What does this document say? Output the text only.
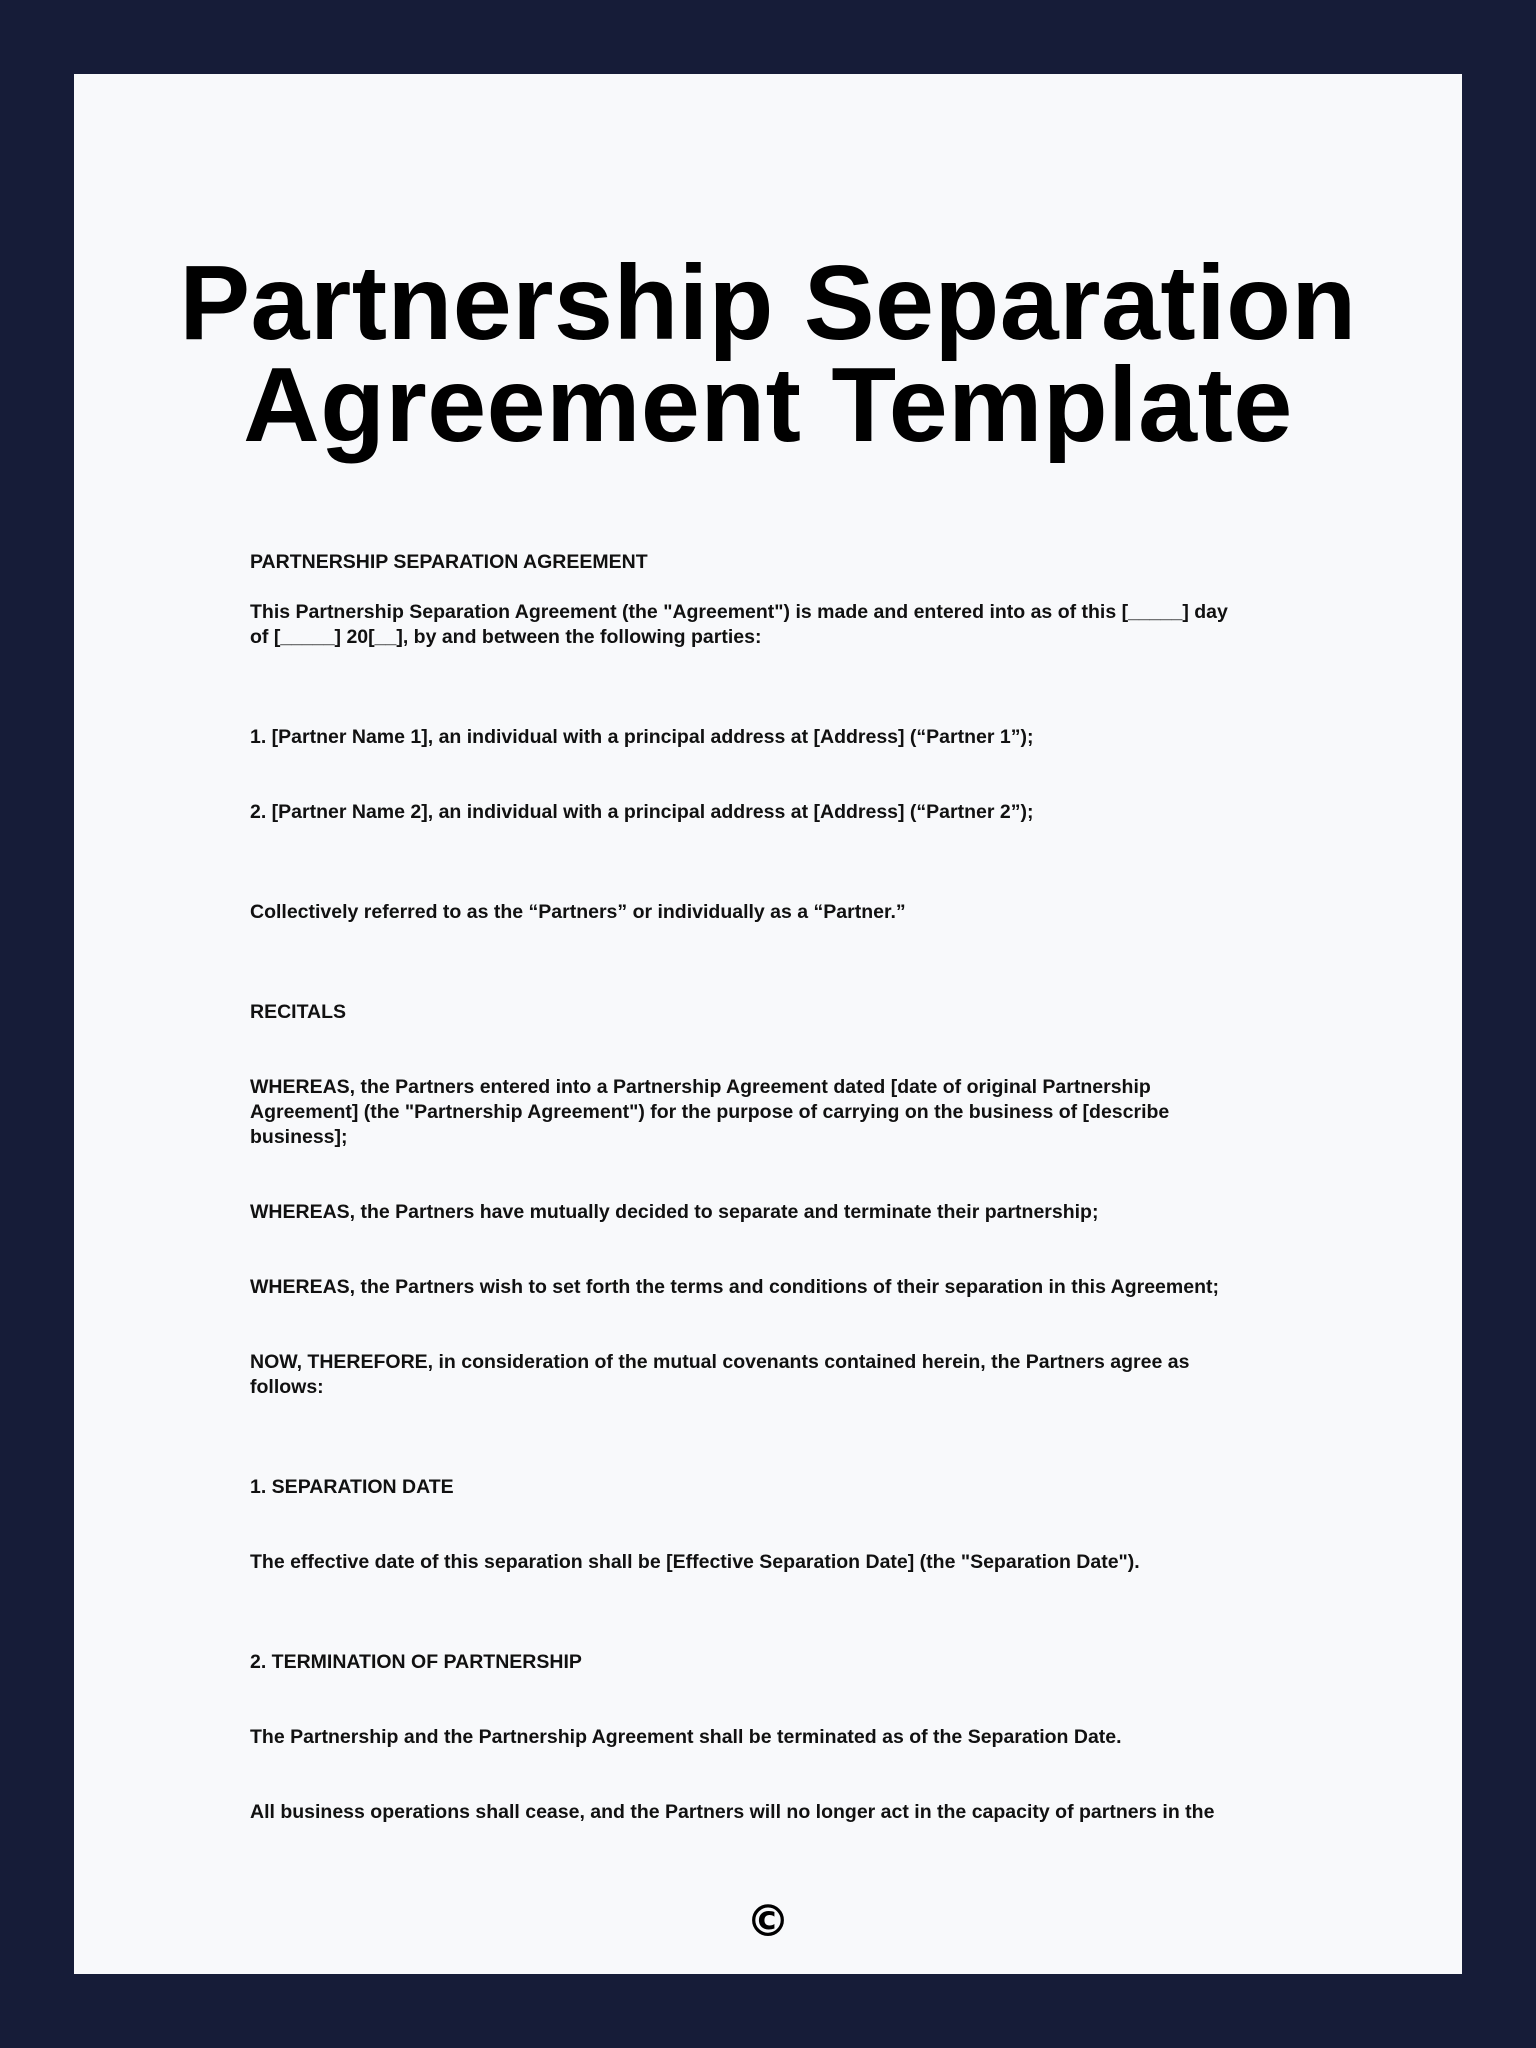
Partnership Separation
Agreement Template

PARTNERSHIP SEPARATION AGREEMENT

This Partnership Separation Agreement (the "Agreement") is made and entered into as of this [_____] day
of [_____] 20[__], by and between the following parties:

1. [Partner Name 1], an individual with a principal address at [Address] (“Partner 1”);

2. [Partner Name 2], an individual with a principal address at [Address] (“Partner 2”);

Collectively referred to as the “Partners” or individually as a “Partner.”

RECITALS

WHEREAS, the Partners entered into a Partnership Agreement dated [date of original Partnership
Agreement] (the "Partnership Agreement") for the purpose of carrying on the business of [describe
business];

WHEREAS, the Partners have mutually decided to separate and terminate their partnership;

WHEREAS, the Partners wish to set forth the terms and conditions of their separation in this Agreement;

NOW, THEREFORE, in consideration of the mutual covenants contained herein, the Partners agree as
follows:

1. SEPARATION DATE

The effective date of this separation shall be [Effective Separation Date] (the "Separation Date").

2. TERMINATION OF PARTNERSHIP

The Partnership and the Partnership Agreement shall be terminated as of the Separation Date.

All business operations shall cease, and the Partners will no longer act in the capacity of partners in the

©
